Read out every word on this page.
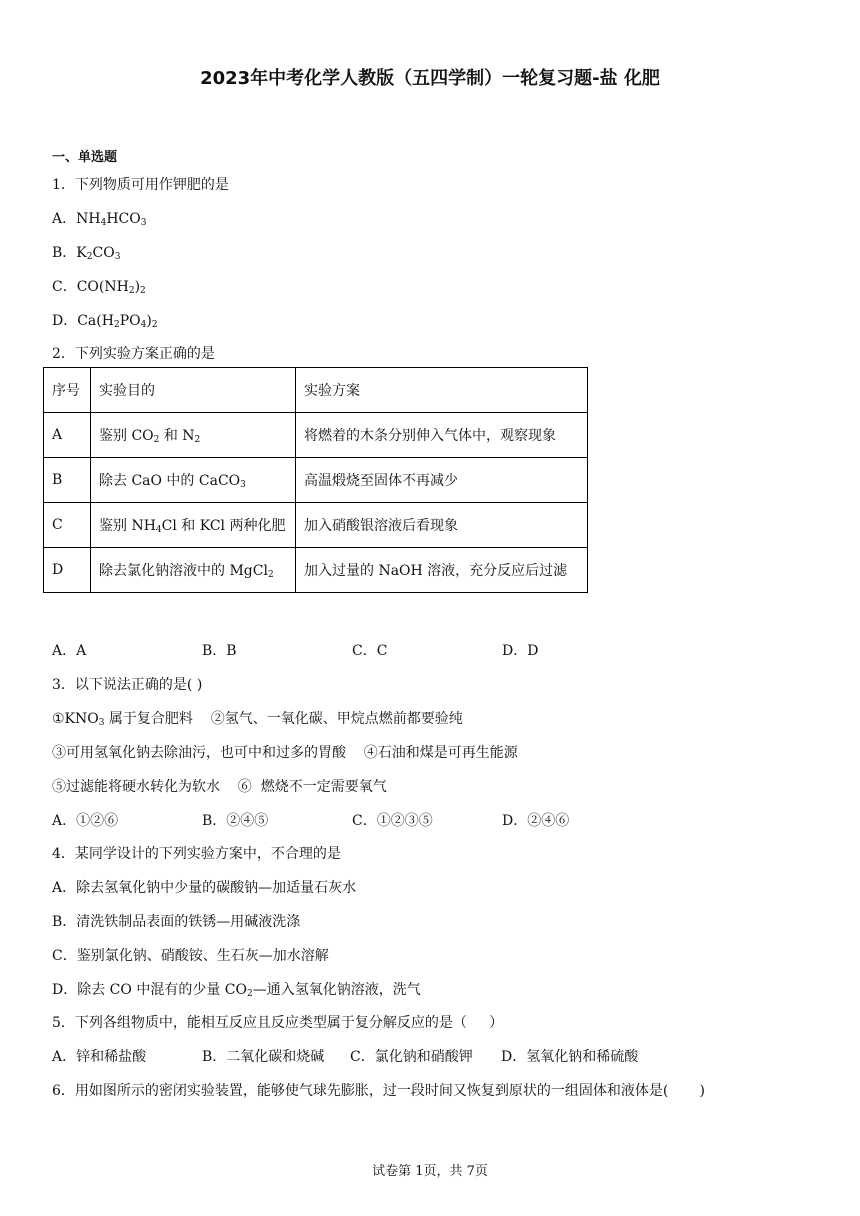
2023年中考化学人教版（五四学制）一轮复习题-盐 化肥
一、单选题
1．下列物质可用作钾肥的是
A．$NH_4HCO_3$
B．$K_2CO_3$
C．$CO(NH_2)_2$
D．$Ca(H_2PO_4)_2$
2．下列实验方案正确的是
序号	实验目的	实验方案
A	鉴别 $CO_2$ 和 $N_2$	将燃着的木条分别伸入气体中，观察现象
B	除去 CaO 中的 CaCO$_3$	高温煅烧至固体不再减少
C	鉴别 $NH_4Cl$ 和 KCl 两种化肥	加入硝酸银溶液后看现象
D	除去氯化钠溶液中的 MgCl$_2$	加入过量的 NaOH 溶液，充分反应后过滤
A．A	B．B	C．C	D．D
3．以下说法正确的是( )
$①KNO_3$ 属于复合肥料    ②氢气、一氧化碳、甲烷点燃前都要验纯
③可用氢氧化钠去除油污，也可中和过多的胃酸    ④石油和煤是可再生能源
⑤过滤能将硬水转化为软水    ⑥  燃烧不一定需要氧气
A．①②⑥	B．②④⑤	C．①②③⑤	D．②④⑥
4．某同学设计的下列实验方案中，不合理的是
A．除去氢氧化钠中少量的碳酸钠—加适量石灰水
B．清洗铁制品表面的铁锈—用碱液洗涤
C．鉴别氯化钠、硝酸铵、生石灰—加水溶解
D．除去 CO 中混有的少量 $CO_2—$通入氢氧化钠溶液，洗气
5．下列各组物质中，能相互反应且反应类型属于复分解反应的是（     ）
A．锌和稀盐酸	B．二氧化碳和烧碱 C．氯化钠和硝酸钾 D．氢氧化钠和稀硫酸
6．用如图所示的密闭实验装置，能够使气球先膨胀，过一段时间又恢复到原状的一组固体和液体是(       )
试卷第 1页，共 7页
